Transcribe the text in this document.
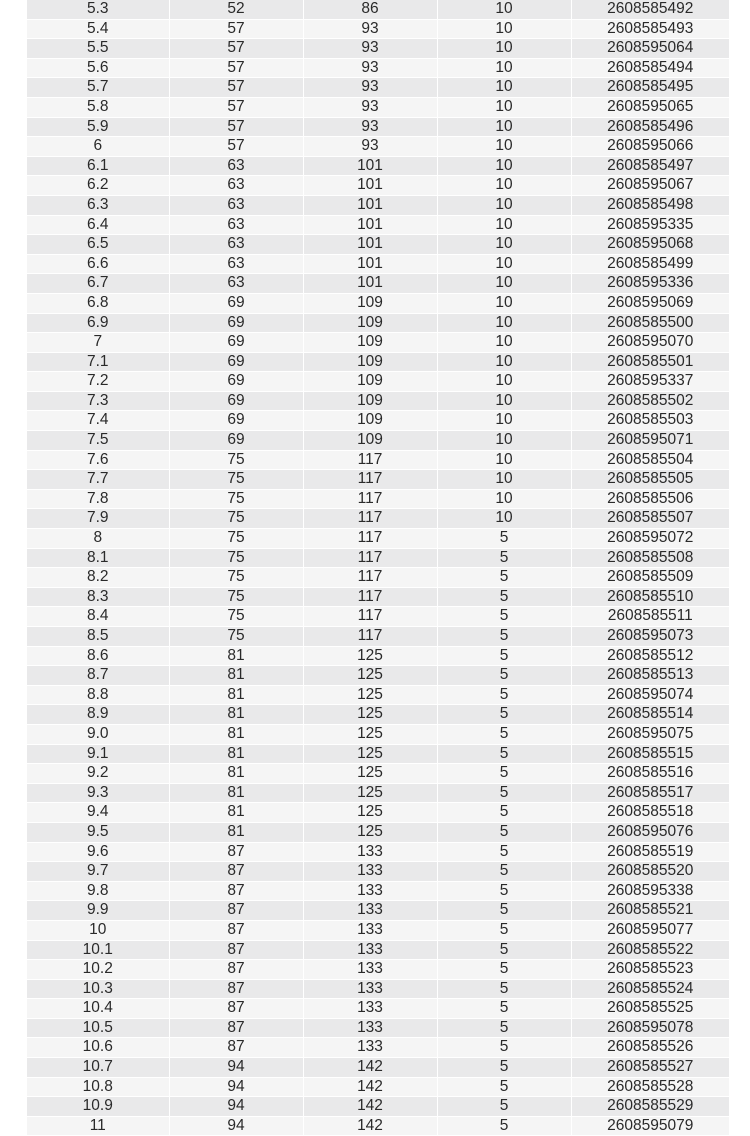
5.3	52	86	10	2608585492
5.4	57	93	10	2608585493
5.5	57	93	10	2608595064
5.6	57	93	10	2608585494
5.7	57	93	10	2608585495
5.8	57	93	10	2608595065
5.9	57	93	10	2608585496
6	57	93	10	2608595066
6.1	63	101	10	2608585497
6.2	63	101	10	2608595067
6.3	63	101	10	2608585498
6.4	63	101	10	2608595335
6.5	63	101	10	2608595068
6.6	63	101	10	2608585499
6.7	63	101	10	2608595336
6.8	69	109	10	2608595069
6.9	69	109	10	2608585500
7	69	109	10	2608595070
7.1	69	109	10	2608585501
7.2	69	109	10	2608595337
7.3	69	109	10	2608585502
7.4	69	109	10	2608585503
7.5	69	109	10	2608595071
7.6	75	117	10	2608585504
7.7	75	117	10	2608585505
7.8	75	117	10	2608585506
7.9	75	117	10	2608585507
8	75	117	5	2608595072
8.1	75	117	5	2608585508
8.2	75	117	5	2608585509
8.3	75	117	5	2608585510
8.4	75	117	5	2608585511
8.5	75	117	5	2608595073
8.6	81	125	5	2608585512
8.7	81	125	5	2608585513
8.8	81	125	5	2608595074
8.9	81	125	5	2608585514
9.0	81	125	5	2608595075
9.1	81	125	5	2608585515
9.2	81	125	5	2608585516
9.3	81	125	5	2608585517
9.4	81	125	5	2608585518
9.5	81	125	5	2608595076
9.6	87	133	5	2608585519
9.7	87	133	5	2608585520
9.8	87	133	5	2608595338
9.9	87	133	5	2608585521
10	87	133	5	2608595077
10.1	87	133	5	2608585522
10.2	87	133	5	2608585523
10.3	87	133	5	2608585524
10.4	87	133	5	2608585525
10.5	87	133	5	2608595078
10.6	87	133	5	2608585526
10.7	94	142	5	2608585527
10.8	94	142	5	2608585528
10.9	94	142	5	2608585529
11	94	142	5	2608595079
